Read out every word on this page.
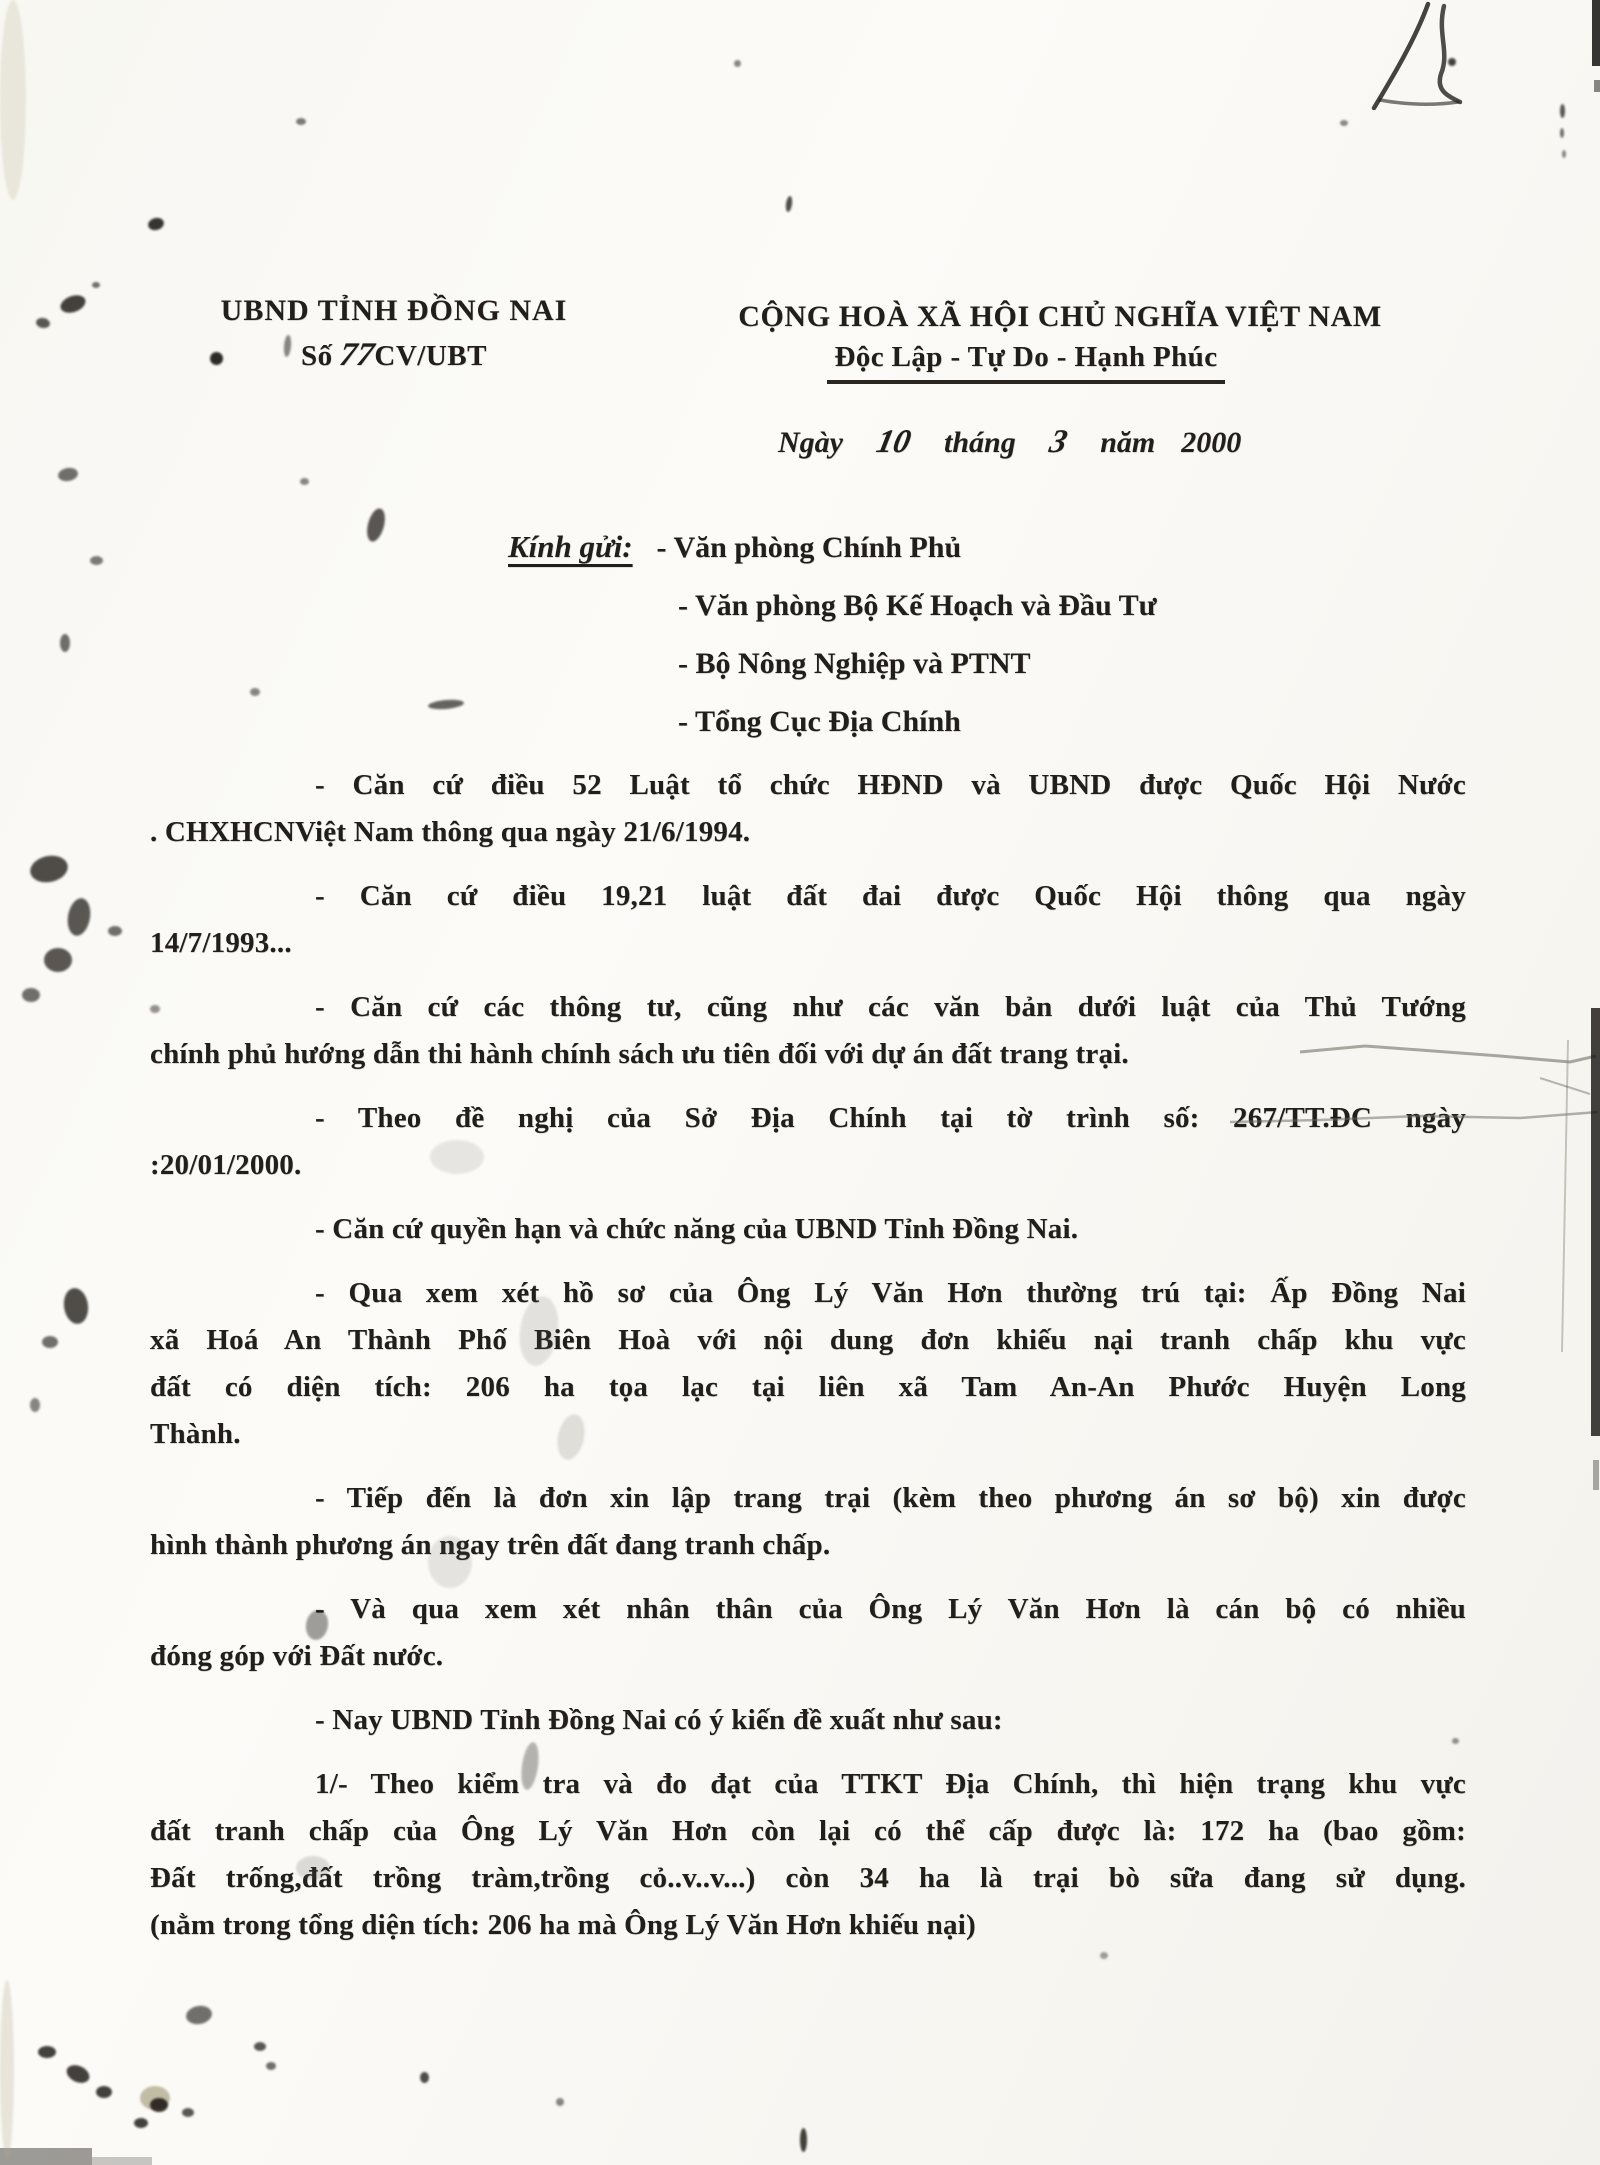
UBND TỈNH ĐỒNG NAI
Số 77CV/UBT
CỘNG HOÀ XÃ HỘI CHỦ NGHĨA VIỆT NAM
Độc Lập - Tự Do - Hạnh Phúc
Ngày 10 tháng 3 năm 2000
Kính gửi: - Văn phòng Chính Phủ
- Văn phòng Bộ Kế Hoạch và Đầu Tư
- Bộ Nông Nghiệp và PTNT
- Tổng Cục Địa Chính
- Căn cứ điều 52 Luật tổ chức HĐND và UBND được Quốc Hội Nước
. CHXHCNViệt Nam thông qua ngày 21/6/1994.
- Căn cứ điều 19,21 luật đất đai được Quốc Hội thông qua ngày
14/7/1993...
- Căn cứ các thông tư, cũng như các văn bản dưới luật của Thủ Tướng
chính phủ hướng dẫn thi hành chính sách ưu tiên đối với dự án đất trang trại.
- Theo đề nghị của Sở Địa Chính tại tờ trình số: 267/TT.ĐC ngày
:20/01/2000.
- Căn cứ quyền hạn và chức năng của UBND Tỉnh Đồng Nai.
- Qua xem xét hồ sơ của Ông Lý Văn Hơn thường trú tại: Ấp Đồng Nai
xã Hoá An Thành Phố Biên Hoà với nội dung đơn khiếu nại tranh chấp khu vực
đất có diện tích: 206 ha tọa lạc tại liên xã Tam An-An Phước Huyện Long
Thành.
- Tiếp đến là đơn xin lập trang trại (kèm theo phương án sơ bộ) xin được
hình thành phương án ngay trên đất đang tranh chấp.
- Và qua xem xét nhân thân của Ông Lý Văn Hơn là cán bộ có nhiều
đóng góp với Đất nước.
- Nay UBND Tỉnh Đồng Nai có ý kiến đề xuất như sau:
1/- Theo kiểm tra và đo đạt của TTKT Địa Chính, thì hiện trạng khu vực
đất tranh chấp của Ông Lý Văn Hơn còn lại có thể cấp được là: 172 ha (bao gồm:
Đất trống,đất trồng tràm,trồng cỏ..v..v...) còn 34 ha là trại bò sữa đang sử dụng.
(nằm trong tổng diện tích: 206 ha mà Ông Lý Văn Hơn khiếu nại)
